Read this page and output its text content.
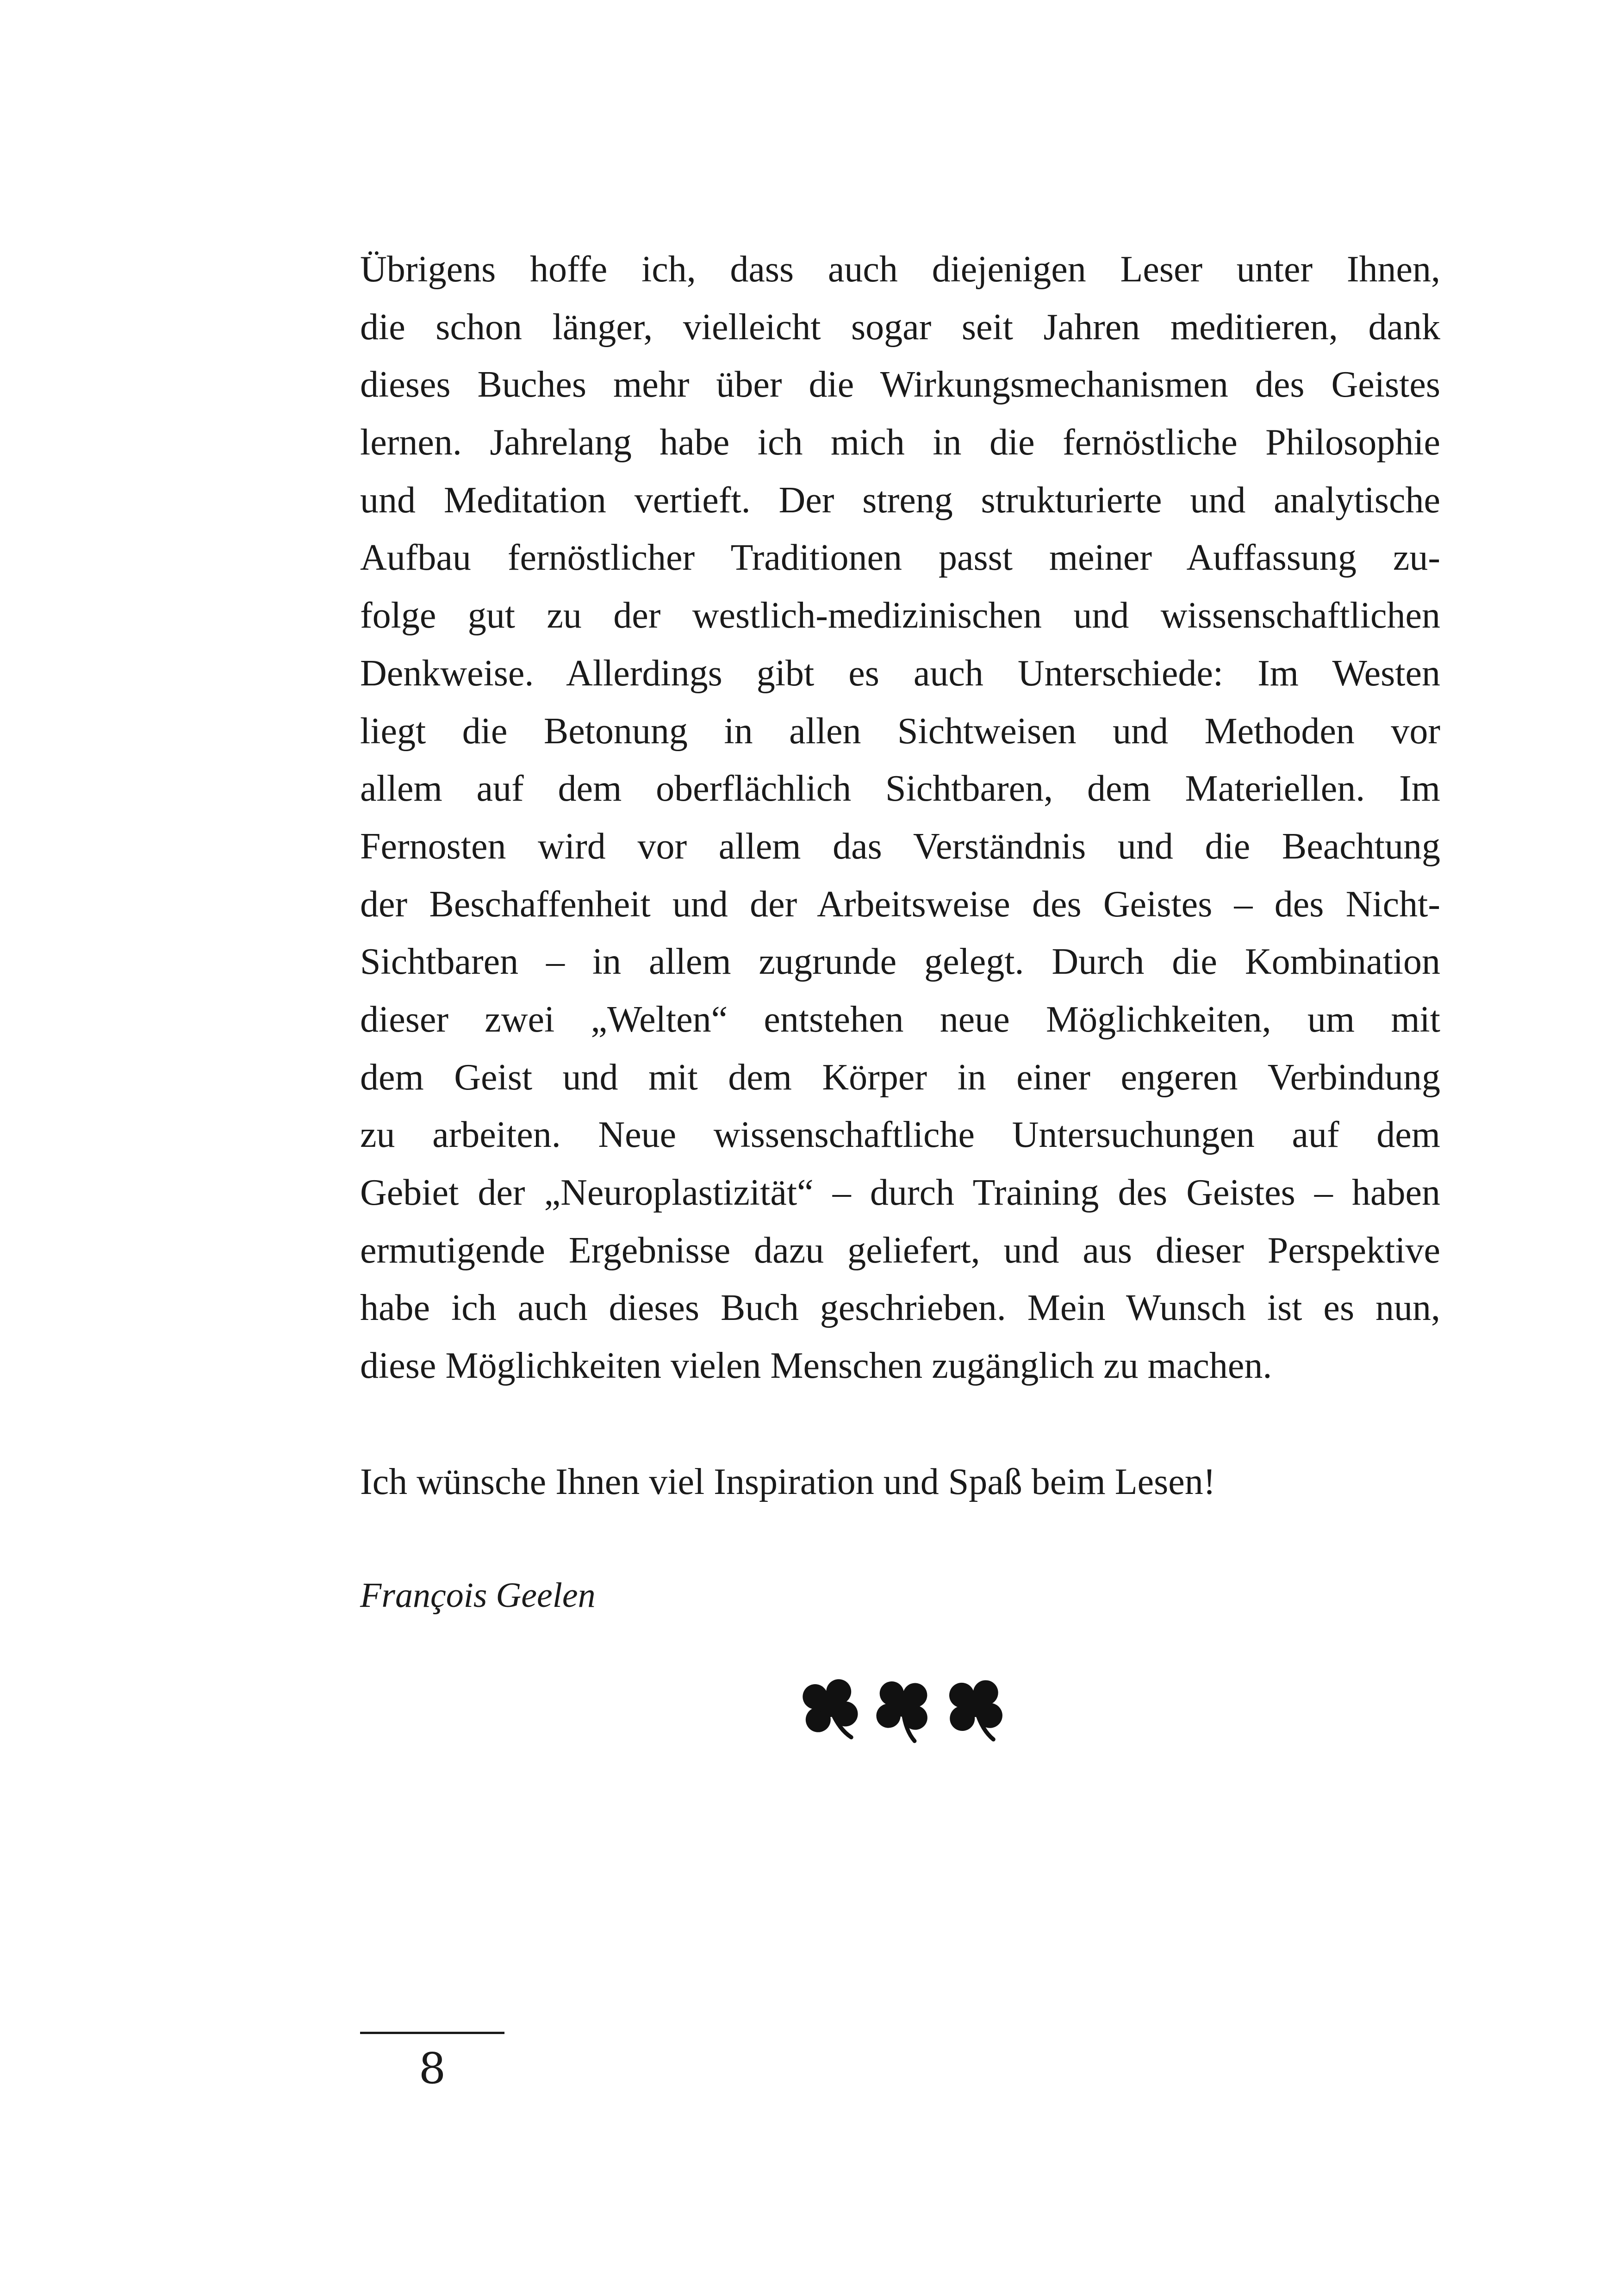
Übrigens hoffe ich, dass auch diejenigen Leser unter Ihnen,
die schon länger, vielleicht sogar seit Jahren meditieren, dank
dieses Buches mehr über die Wirkungsmechanismen des Geistes
lernen. Jahrelang habe ich mich in die fernöstliche Philosophie
und Meditation vertieft. Der streng strukturierte und analytische
Aufbau fernöstlicher Traditionen passt meiner Auffassung zu-
folge gut zu der westlich-medizinischen und wissenschaftlichen
Denkweise. Allerdings gibt es auch Unterschiede: Im Westen
liegt die Betonung in allen Sichtweisen und Methoden vor
allem auf dem oberflächlich Sichtbaren, dem Materiellen. Im
Fernosten wird vor allem das Verständnis und die Beachtung
der Beschaffenheit und der Arbeitsweise des Geistes – des Nicht-
Sichtbaren – in allem zugrunde gelegt. Durch die Kombination
dieser zwei „Welten“ entstehen neue Möglichkeiten, um mit
dem Geist und mit dem Körper in einer engeren Verbindung
zu arbeiten. Neue wissenschaftliche Untersuchungen auf dem
Gebiet der „Neuroplastizität“ – durch Training des Geistes – haben
ermutigende Ergebnisse dazu geliefert, und aus dieser Perspektive
habe ich auch dieses Buch geschrieben. Mein Wunsch ist es nun,
diese Möglichkeiten vielen Menschen zugänglich zu machen.
Ich wünsche Ihnen viel Inspiration und Spaß beim Lesen!
François Geelen
8
